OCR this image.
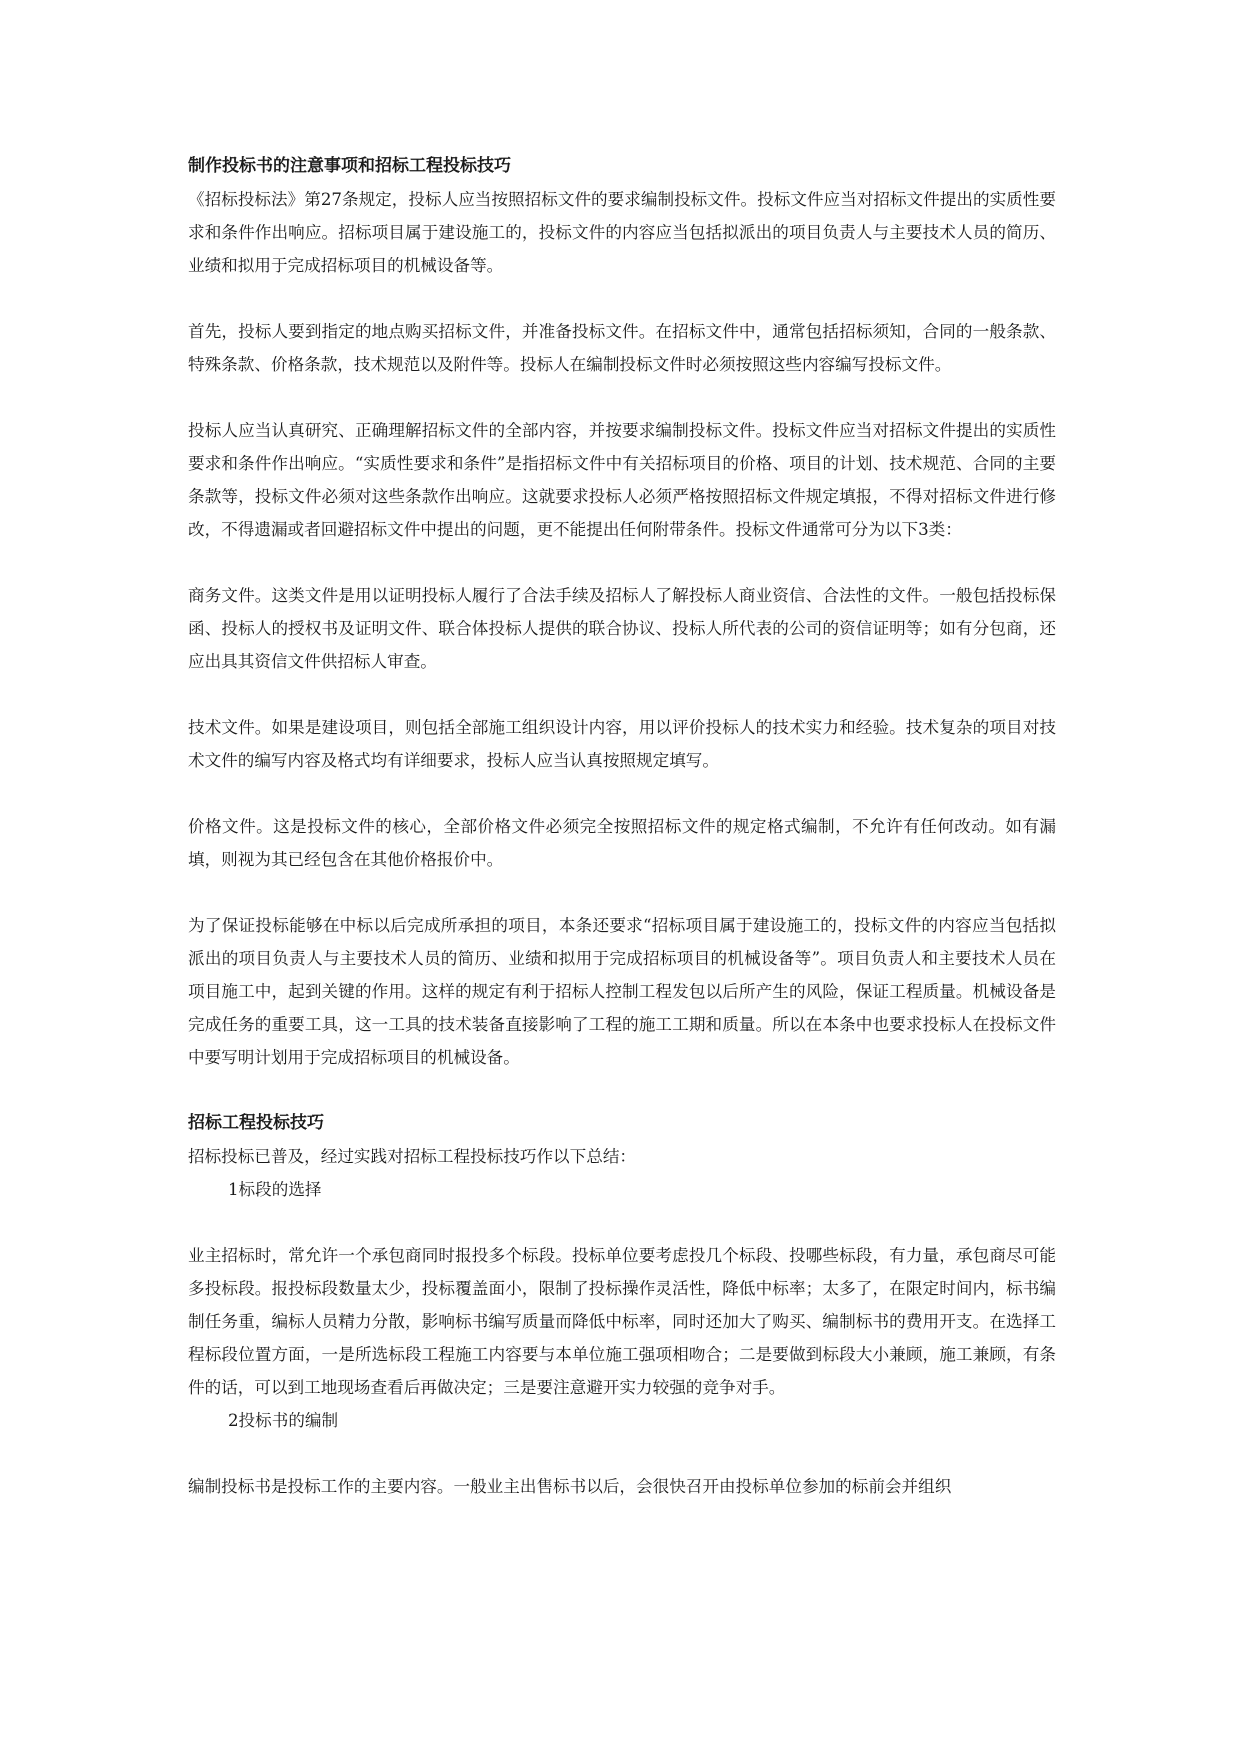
制作投标书的注意事项和招标工程投标技巧

《招标投标法》第27条规定，投标人应当按照招标文件的要求编制投标文件。投标文件应当对招标文件提出的实质性要求和条件作出响应。招标项目属于建设施工的，投标文件的内容应当包括拟派出的项目负责人与主要技术人员的简历、业绩和拟用于完成招标项目的机械设备等。

首先，投标人要到指定的地点购买招标文件，并准备投标文件。在招标文件中，通常包括招标须知，合同的一般条款、特殊条款、价格条款，技术规范以及附件等。投标人在编制投标文件时必须按照这些内容编写投标文件。

投标人应当认真研究、正确理解招标文件的全部内容，并按要求编制投标文件。投标文件应当对招标文件提出的实质性要求和条件作出响应。“实质性要求和条件”是指招标文件中有关招标项目的价格、项目的计划、技术规范、合同的主要条款等，投标文件必须对这些条款作出响应。这就要求投标人必须严格按照招标文件规定填报，不得对招标文件进行修改，不得遗漏或者回避招标文件中提出的问题，更不能提出任何附带条件。投标文件通常可分为以下3类：

商务文件。这类文件是用以证明投标人履行了合法手续及招标人了解投标人商业资信、合法性的文件。一般包括投标保函、投标人的授权书及证明文件、联合体投标人提供的联合协议、投标人所代表的公司的资信证明等；如有分包商，还应出具其资信文件供招标人审查。

技术文件。如果是建设项目，则包括全部施工组织设计内容，用以评价投标人的技术实力和经验。技术复杂的项目对技术文件的编写内容及格式均有详细要求，投标人应当认真按照规定填写。

价格文件。这是投标文件的核心，全部价格文件必须完全按照招标文件的规定格式编制，不允许有任何改动。如有漏填，则视为其已经包含在其他价格报价中。

为了保证投标能够在中标以后完成所承担的项目，本条还要求“招标项目属于建设施工的，投标文件的内容应当包括拟派出的项目负责人与主要技术人员的简历、业绩和拟用于完成招标项目的机械设备等”。项目负责人和主要技术人员在项目施工中，起到关键的作用。这样的规定有利于招标人控制工程发包以后所产生的风险，保证工程质量。机械设备是完成任务的重要工具，这一工具的技术装备直接影响了工程的施工工期和质量。所以在本条中也要求投标人在投标文件中要写明计划用于完成招标项目的机械设备。

招标工程投标技巧

招标投标已普及，经过实践对招标工程投标技巧作以下总结：

1标段的选择

业主招标时，常允许一个承包商同时报投多个标段。投标单位要考虑投几个标段、投哪些标段，有力量，承包商尽可能多投标段。报投标段数量太少，投标覆盖面小，限制了投标操作灵活性，降低中标率；太多了，在限定时间内，标书编制任务重，编标人员精力分散，影响标书编写质量而降低中标率，同时还加大了购买、编制标书的费用开支。在选择工程标段位置方面，一是所选标段工程施工内容要与本单位施工强项相吻合；二是要做到标段大小兼顾，施工兼顾，有条件的话，可以到工地现场查看后再做决定；三是要注意避开实力较强的竞争对手。

2投标书的编制

编制投标书是投标工作的主要内容。一般业主出售标书以后，会很快召开由投标单位参加的标前会并组织
